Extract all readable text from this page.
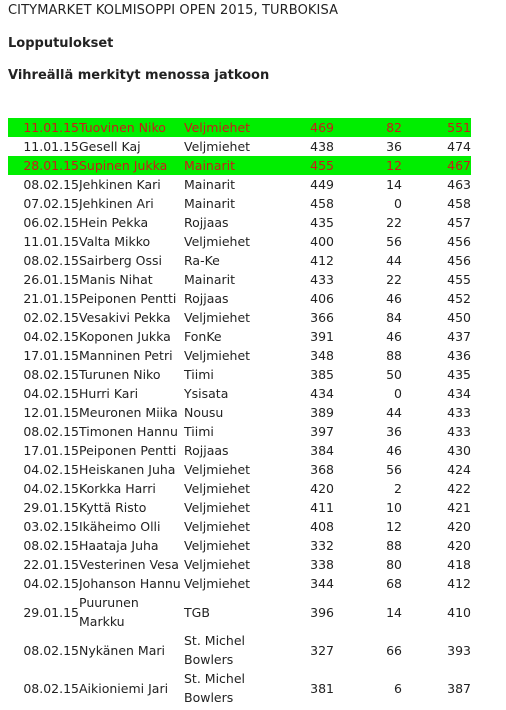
CITYMARKET KOLMISOPPI OPEN 2015, TURBOKISA
Lopputulokset
Vihreällä merkityt menossa jatkoon
11.01.15	Tuovinen Niko	Veljmiehet	469	82	551
11.01.15	Gesell Kaj	Veljmiehet	438	36	474
28.01.15	Supinen Jukka	Mainarit	455	12	467
08.02.15	Jehkinen Kari	Mainarit	449	14	463
07.02.15	Jehkinen Ari	Mainarit	458	0	458
06.02.15	Hein Pekka	Rojjaas	435	22	457
11.01.15	Valta Mikko	Veljmiehet	400	56	456
08.02.15	Sairberg Ossi	Ra-Ke	412	44	456
26.01.15	Manis Nihat	Mainarit	433	22	455
21.01.15	Peiponen Pentti	Rojjaas	406	46	452
02.02.15	Vesakivi Pekka	Veljmiehet	366	84	450
04.02.15	Koponen Jukka	FonKe	391	46	437
17.01.15	Manninen Petri	Veljmiehet	348	88	436
08.02.15	Turunen Niko	Tiimi	385	50	435
04.02.15	Hurri Kari	Ysisata	434	0	434
12.01.15	Meuronen Miika	Nousu	389	44	433
08.02.15	Timonen Hannu	Tiimi	397	36	433
17.01.15	Peiponen Pentti	Rojjaas	384	46	430
04.02.15	Heiskanen Juha	Veljmiehet	368	56	424
04.02.15	Korkka Harri	Veljmiehet	420	2	422
29.01.15	Kyttä Risto	Veljmiehet	411	10	421
03.02.15	Ikäheimo Olli	Veljmiehet	408	12	420
08.02.15	Haataja Juha	Veljmiehet	332	88	420
22.01.15	Vesterinen Vesa	Veljmiehet	338	80	418
04.02.15	Johanson Hannu	Veljmiehet	344	68	412
29.01.15	Puurunen Markku	TGB	396	14	410
08.02.15	Nykänen Mari	St. Michel Bowlers	327	66	393
08.02.15	Aikioniemi Jari	St. Michel Bowlers	381	6	387
